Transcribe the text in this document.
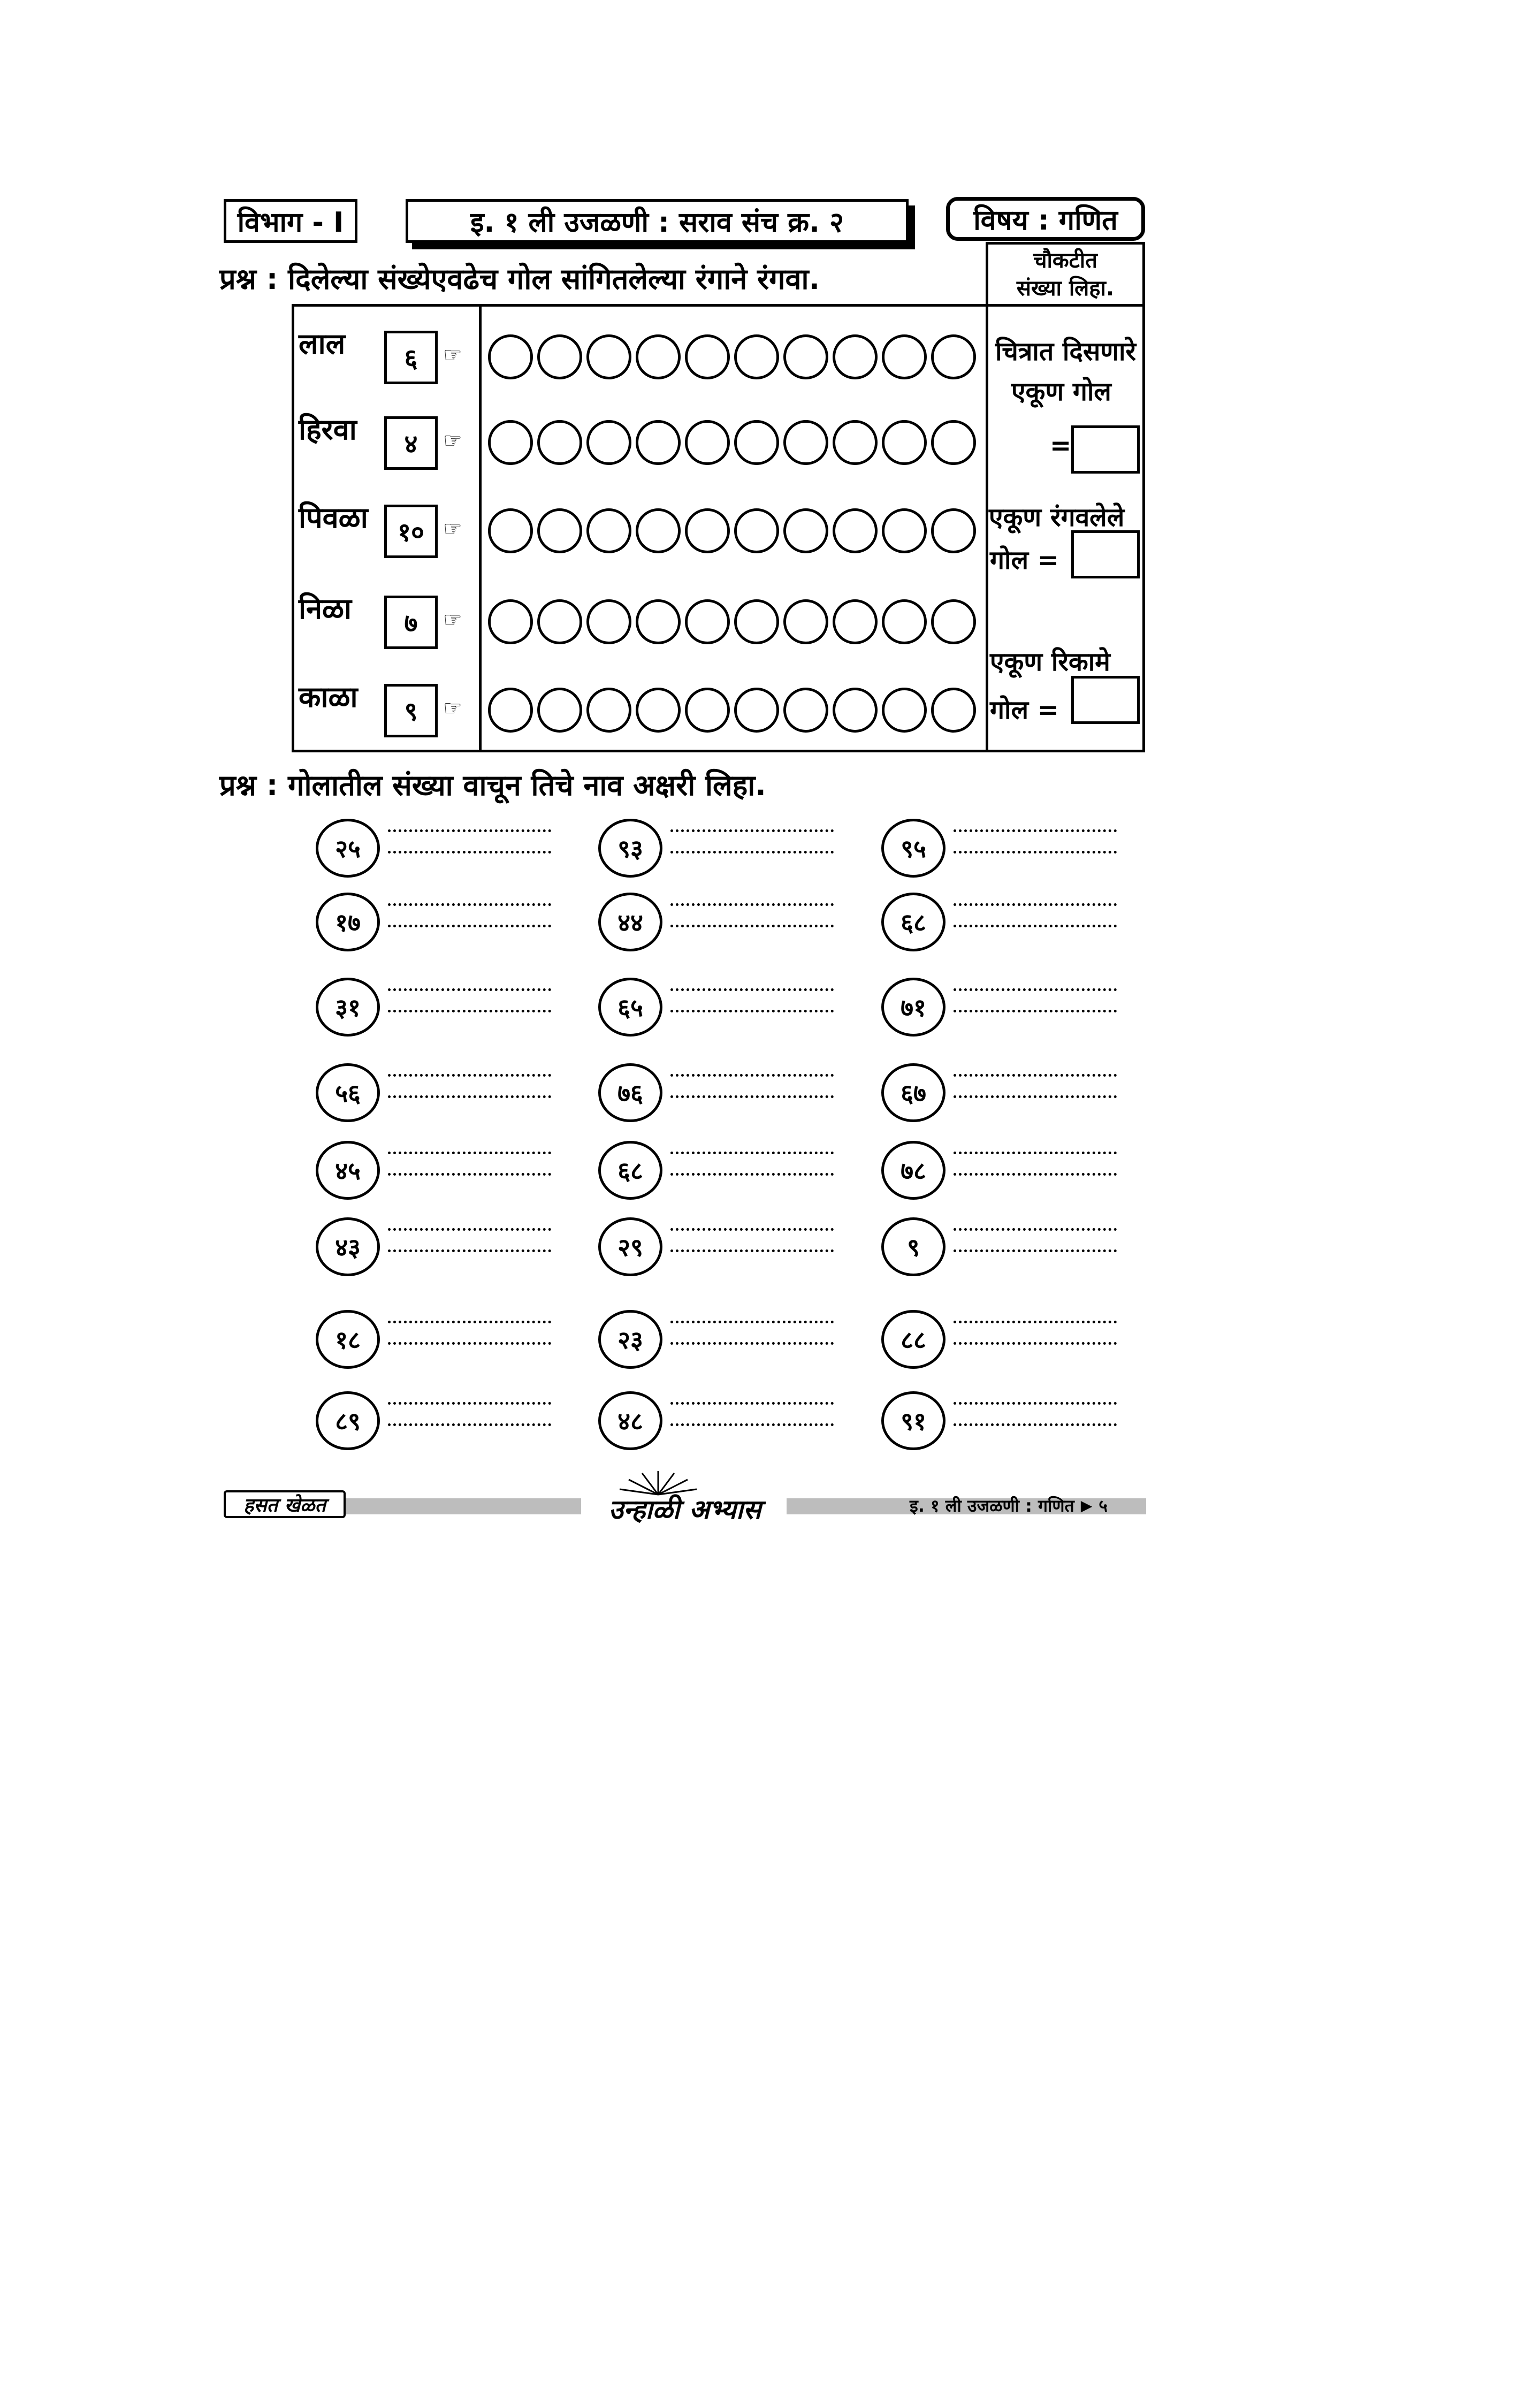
विभाग - I	इ. १ ली उजळणी : सराव संच क्र. २	विषय : गणित
प्रश्न : दिलेल्या संख्येएवढेच गोल सांगितलेल्या रंगाने रंगवा.
चौकटीत
संख्या लिहा.
लाल	६	☞
हिरवा	४	☞
पिवळा	१० ☞
निळा	७	☞
काळा	९	☞
चित्रात दिसणारे
एकूण गोल
=
एकूण रंगवलेले
गोल =
एकूण रिकामे
गोल =
प्रश्न : गोलातील संख्या वाचून तिचे नाव अक्षरी लिहा.
२५	९३	९५
१७	४४	६८
३१	६५	७१
५६	७६	६७
४५	६८	७८
४३	२९	९
१८	२३	८८
८९	४८	९१
हसत खेळत	उन्हाळी अभ्यास	इ. १ ली उजळणी : गणित ▶ ५
